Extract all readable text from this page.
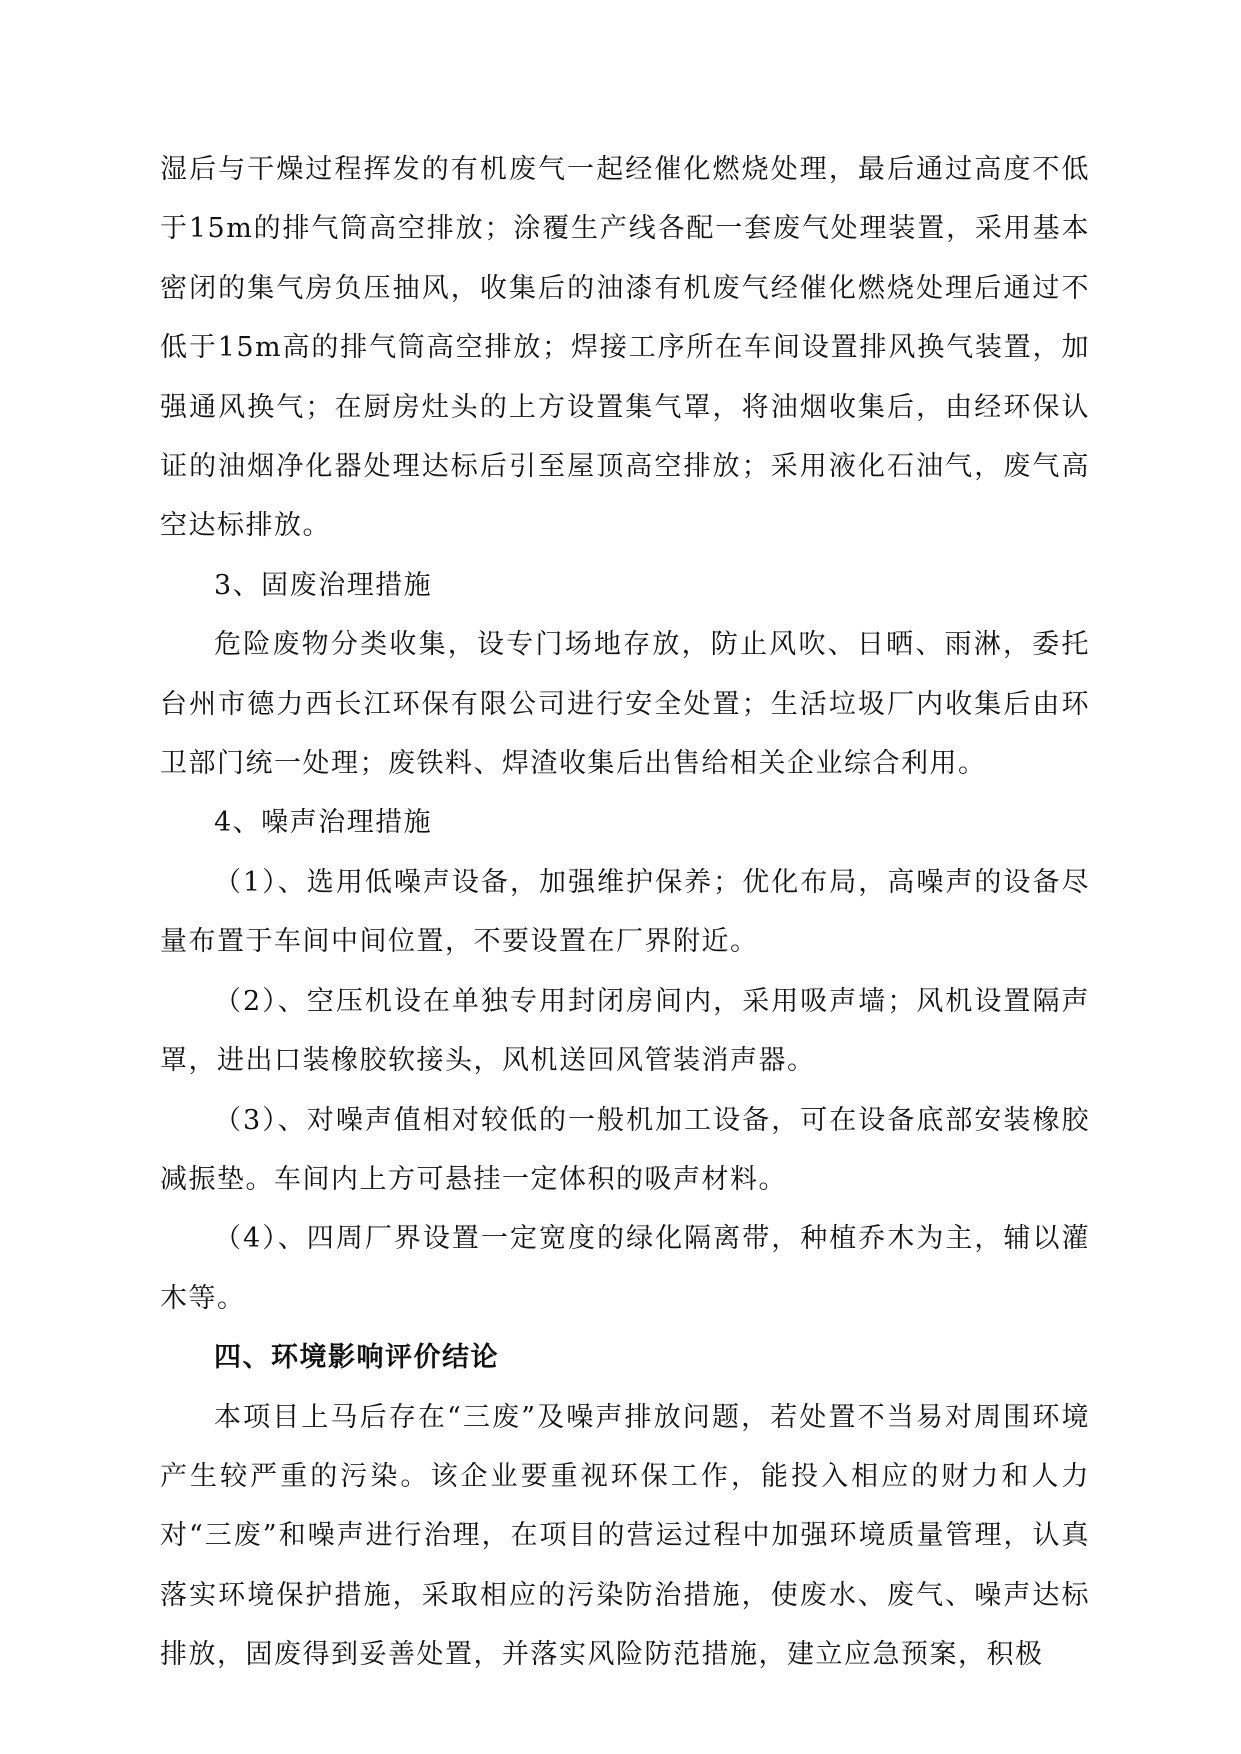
湿后与干燥过程挥发的有机废气一起经催化燃烧处理，最后通过高度不低于15m的排气筒高空排放；涂覆生产线各配一套废气处理装置，采用基本密闭的集气房负压抽风，收集后的油漆有机废气经催化燃烧处理后通过不低于15m高的排气筒高空排放；焊接工序所在车间设置排风换气装置，加强通风换气；在厨房灶头的上方设置集气罩，将油烟收集后，由经环保认证的油烟净化器处理达标后引至屋顶高空排放；采用液化石油气，废气高空达标排放。

3、固废治理措施

危险废物分类收集，设专门场地存放，防止风吹、日晒、雨淋，委托台州市德力西长江环保有限公司进行安全处置；生活垃圾厂内收集后由环卫部门统一处理；废铁料、焊渣收集后出售给相关企业综合利用。

4、噪声治理措施

（1）、选用低噪声设备，加强维护保养；优化布局，高噪声的设备尽量布置于车间中间位置，不要设置在厂界附近。

（2）、空压机设在单独专用封闭房间内，采用吸声墙；风机设置隔声罩，进出口装橡胶软接头，风机送回风管装消声器。

（3）、对噪声值相对较低的一般机加工设备，可在设备底部安装橡胶减振垫。车间内上方可悬挂一定体积的吸声材料。

（4）、四周厂界设置一定宽度的绿化隔离带，种植乔木为主，辅以灌木等。

四、环境影响评价结论

本项目上马后存在“三废”及噪声排放问题，若处置不当易对周围环境产生较严重的污染。该企业要重视环保工作，能投入相应的财力和人力对“三废”和噪声进行治理，在项目的营运过程中加强环境质量管理，认真落实环境保护措施，采取相应的污染防治措施，使废水、废气、噪声达标排放，固废得到妥善处置，并落实风险防范措施，建立应急预案，积极
